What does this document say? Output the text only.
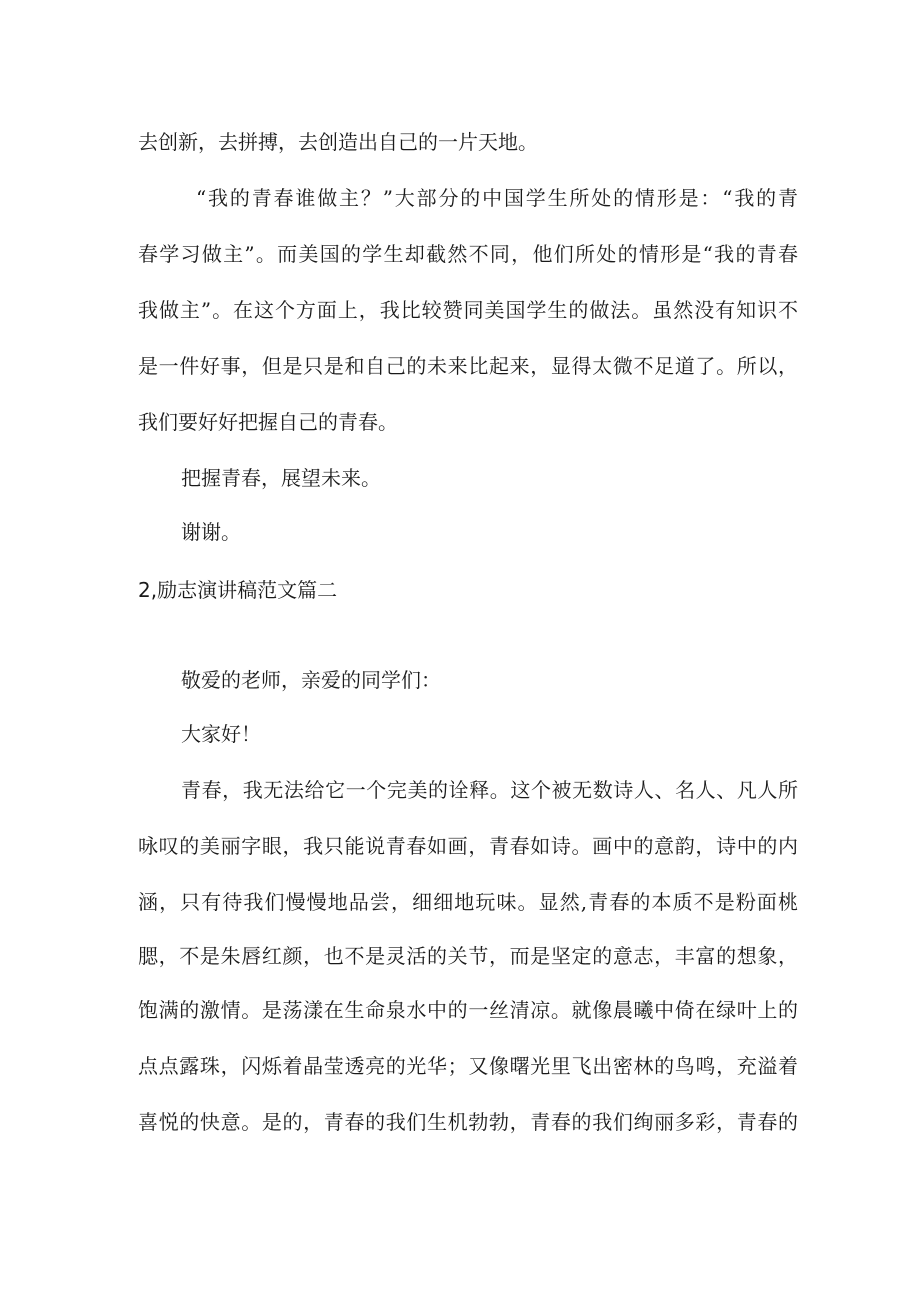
去创新，去拼搏，去创造出自己的一片天地。
“我的青春谁做主？”大部分的中国学生所处的情形是：“我的青
春学习做主”。而美国的学生却截然不同，他们所处的情形是“我的青春
我做主”。在这个方面上，我比较赞同美国学生的做法。虽然没有知识不
是一件好事，但是只是和自己的未来比起来，显得太微不足道了。所以，
我们要好好把握自己的青春。
把握青春，展望未来。
谢谢。
2,励志演讲稿范文篇二
敬爱的老师，亲爱的同学们：
大家好！
青春，我无法给它一个完美的诠释。这个被无数诗人、名人、凡人所
咏叹的美丽字眼，我只能说青春如画，青春如诗。画中的意韵，诗中的内
涵，只有待我们慢慢地品尝，细细地玩味。显然,青春的本质不是粉面桃
腮，不是朱唇红颜，也不是灵活的关节，而是坚定的意志，丰富的想象，
饱满的激情。是荡漾在生命泉水中的一丝清凉。就像晨曦中倚在绿叶上的
点点露珠，闪烁着晶莹透亮的光华；又像曙光里飞出密林的鸟鸣，充溢着
喜悦的快意。是的，青春的我们生机勃勃，青春的我们绚丽多彩，青春的
